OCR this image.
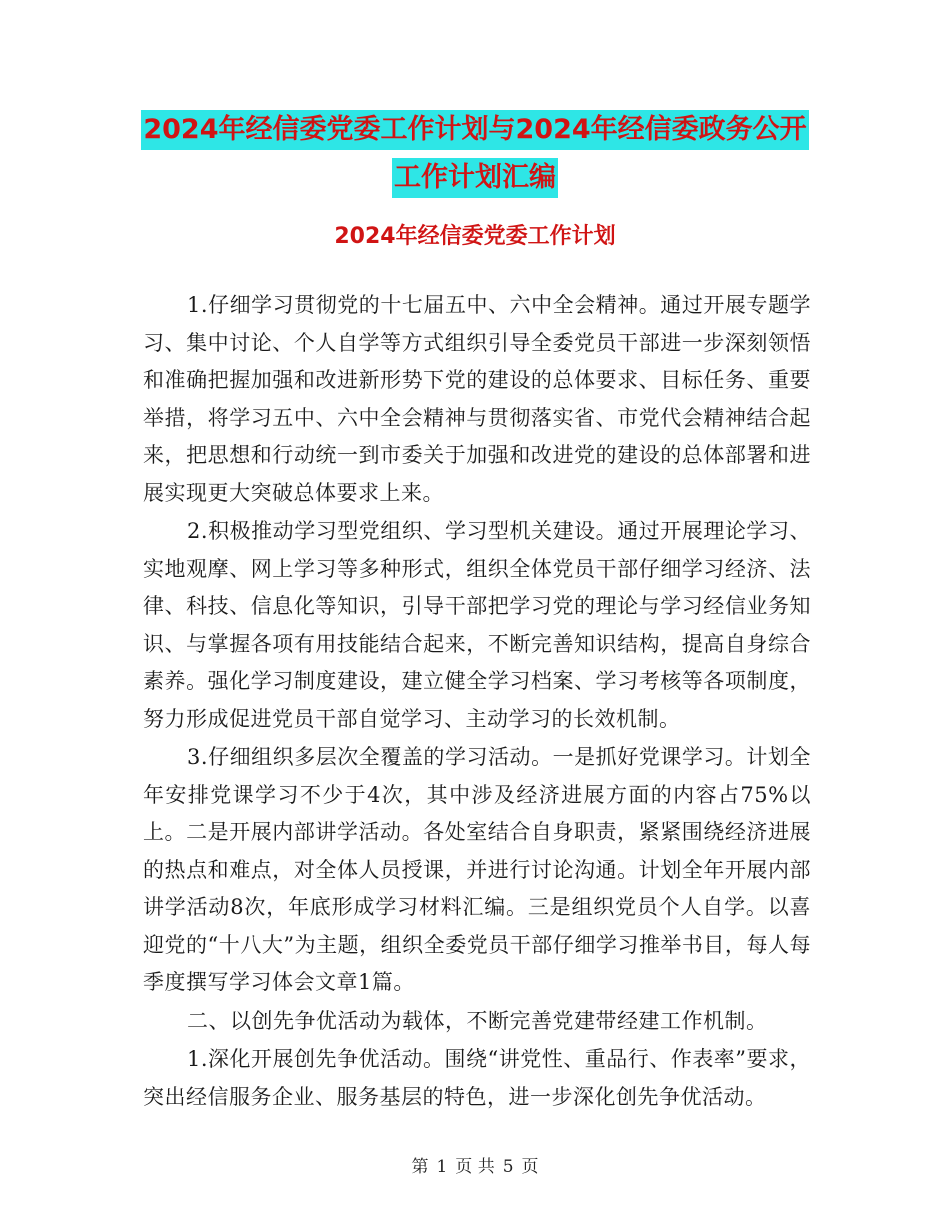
2024年经信委党委工作计划与2024年经信委政务公开
工作计划汇编
2024年经信委党委工作计划

1.仔细学习贯彻党的十七届五中、六中全会精神。通过开展专题学习、集中讨论、个人自学等方式组织引导全委党员干部进一步深刻领悟和准确把握加强和改进新形势下党的建设的总体要求、目标任务、重要举措，将学习五中、六中全会精神与贯彻落实省、市党代会精神结合起来，把思想和行动统一到市委关于加强和改进党的建设的总体部署和进展实现更大突破总体要求上来。

2.积极推动学习型党组织、学习型机关建设。通过开展理论学习、实地观摩、网上学习等多种形式，组织全体党员干部仔细学习经济、法律、科技、信息化等知识，引导干部把学习党的理论与学习经信业务知识、与掌握各项有用技能结合起来，不断完善知识结构，提高自身综合素养。强化学习制度建设，建立健全学习档案、学习考核等各项制度，努力形成促进党员干部自觉学习、主动学习的长效机制。

3.仔细组织多层次全覆盖的学习活动。一是抓好党课学习。计划全年安排党课学习不少于4次，其中涉及经济进展方面的内容占75%以上。二是开展内部讲学活动。各处室结合自身职责，紧紧围绕经济进展的热点和难点，对全体人员授课，并进行讨论沟通。计划全年开展内部讲学活动8次，年底形成学习材料汇编。三是组织党员个人自学。以喜迎党的“十八大”为主题，组织全委党员干部仔细学习推举书目，每人每季度撰写学习体会文章1篇。

二、以创先争优活动为载体，不断完善党建带经建工作机制。

1.深化开展创先争优活动。围绕“讲党性、重品行、作表率”要求，突出经信服务企业、服务基层的特色，进一步深化创先争优活动。

第 1 页 共 5 页
